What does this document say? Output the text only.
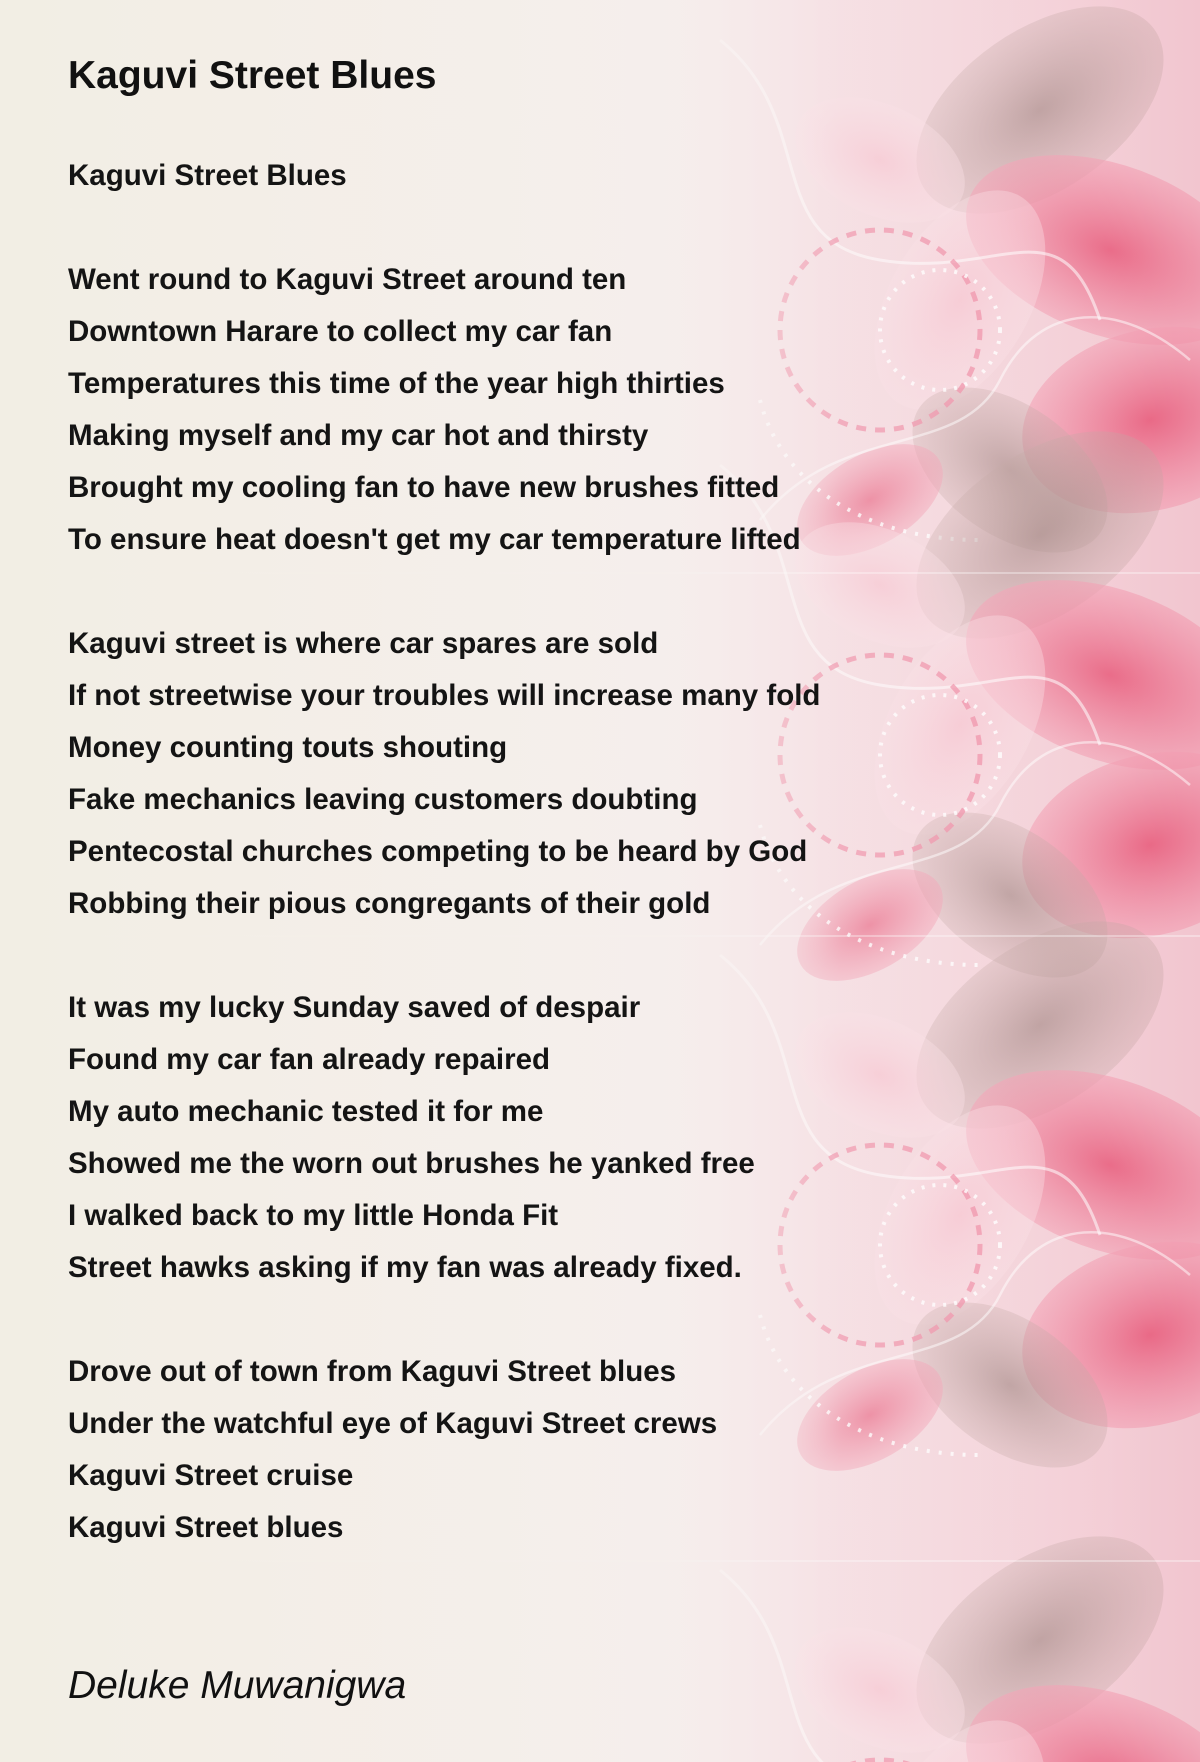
Kaguvi Street Blues
Kaguvi Street Blues
Went round to Kaguvi Street around ten
Downtown Harare to collect my car fan
Temperatures this time of the year high thirties
Making myself and my car hot and thirsty
Brought my cooling fan to have new brushes fitted
To ensure heat doesn't get my car temperature lifted
Kaguvi street is where car spares are sold
If not streetwise your troubles will increase many fold
Money counting touts shouting
Fake mechanics leaving customers doubting
Pentecostal churches competing to be heard by God
Robbing their pious congregants of their gold
It was my lucky Sunday saved of despair
Found my car fan already repaired
My auto mechanic tested it for me
Showed me the worn out brushes he yanked free
I walked back to my little Honda Fit
Street hawks asking if my fan was already fixed.
Drove out of town from Kaguvi Street blues
Under the watchful eye of Kaguvi Street crews
Kaguvi Street cruise
Kaguvi Street blues
Deluke Muwanigwa
